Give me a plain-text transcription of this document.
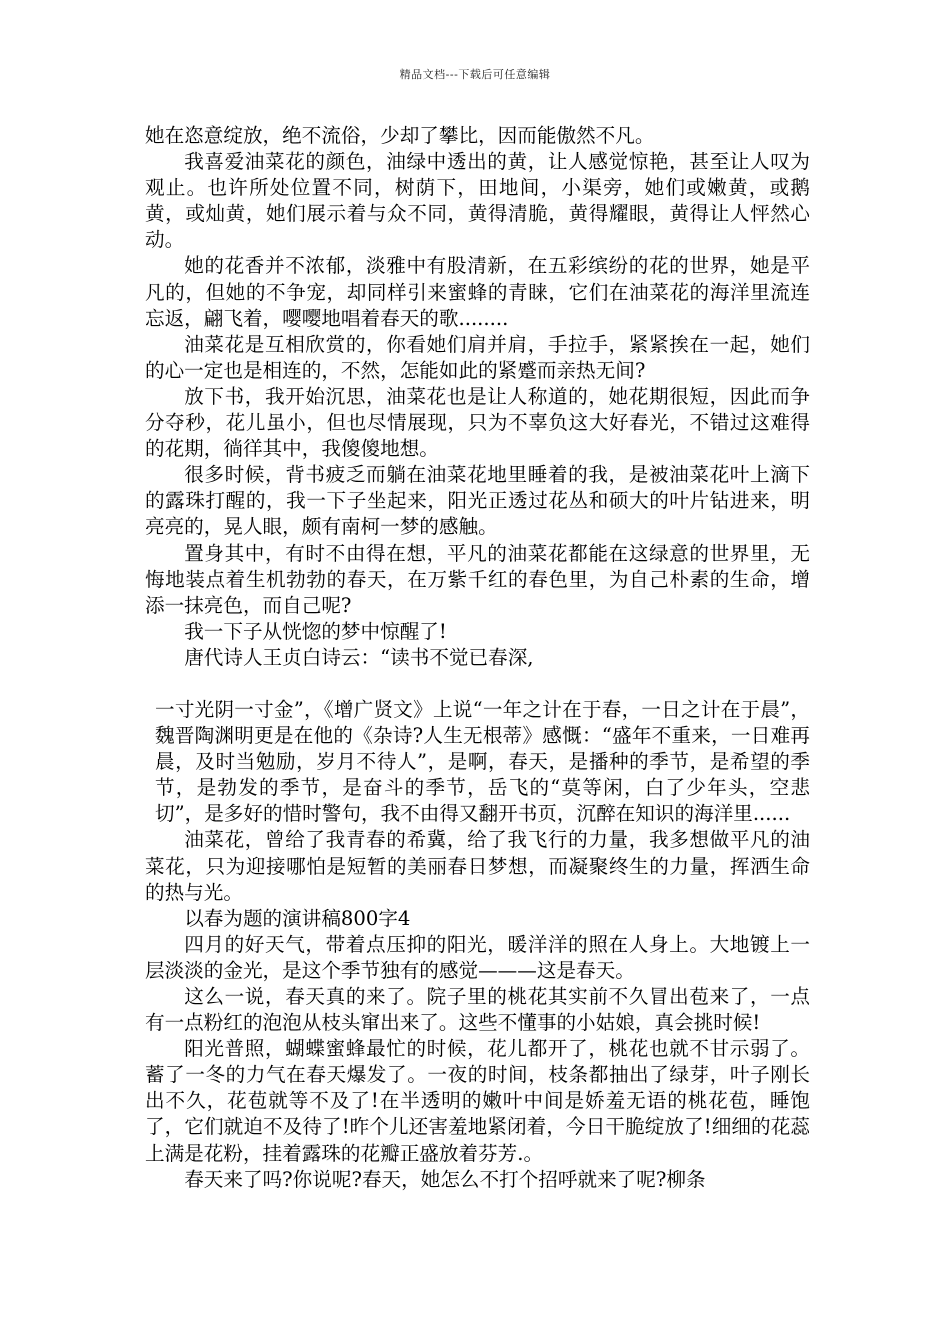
精品文档---下载后可任意编辑

她在恣意绽放，绝不流俗，少却了攀比，因而能傲然不凡。

我喜爱油菜花的颜色，油绿中透出的黄，让人感觉惊艳，甚至让人叹为观止。也许所处位置不同，树荫下，田地间，小渠旁，她们或嫩黄，或鹅黄，或灿黄，她们展示着与众不同，黄得清脆，黄得耀眼，黄得让人怦然心动。

她的花香并不浓郁，淡雅中有股清新，在五彩缤纷的花的世界，她是平凡的，但她的不争宠，却同样引来蜜蜂的青睐，它们在油菜花的海洋里流连忘返，翩飞着，嘤嘤地唱着春天的歌........

油菜花是互相欣赏的，你看她们肩并肩，手拉手，紧紧挨在一起，她们的心一定也是相连的，不然，怎能如此的紧蹙而亲热无间?

放下书，我开始沉思，油菜花也是让人称道的，她花期很短，因此而争分夺秒，花儿虽小，但也尽情展现，只为不辜负这大好春光，不错过这难得的花期，徜徉其中，我傻傻地想。

很多时候，背书疲乏而躺在油菜花地里睡着的我，是被油菜花叶上滴下的露珠打醒的，我一下子坐起来，阳光正透过花丛和硕大的叶片钻进来，明亮亮的，晃人眼，颇有南柯一梦的感触。

置身其中，有时不由得在想，平凡的油菜花都能在这绿意的世界里，无悔地装点着生机勃勃的春天，在万紫千红的春色里，为自己朴素的生命，增添一抹亮色，而自己呢?

我一下子从恍惚的梦中惊醒了!

唐代诗人王贞白诗云：“读书不觉已春深,

一寸光阴一寸金”，《增广贤文》上说“一年之计在于春，一日之计在于晨”，魏晋陶渊明更是在他的《杂诗?人生无根蒂》感慨：“盛年不重来，一日难再晨，及时当勉励，岁月不待人”，是啊，春天，是播种的季节，是希望的季节，是勃发的季节，是奋斗的季节，岳飞的“莫等闲，白了少年头，空悲切”，是多好的惜时警句，我不由得又翻开书页，沉醉在知识的海洋里......

油菜花，曾给了我青春的希冀，给了我飞行的力量，我多想做平凡的油菜花，只为迎接哪怕是短暂的美丽春日梦想，而凝聚终生的力量，挥洒生命的热与光。

以春为题的演讲稿800字4

四月的好天气，带着点压抑的阳光，暖洋洋的照在人身上。大地镀上一层淡淡的金光，是这个季节独有的感觉———这是春天。

这么一说，春天真的来了。院子里的桃花其实前不久冒出苞来了，一点有一点粉红的泡泡从枝头窜出来了。这些不懂事的小姑娘，真会挑时候!

阳光普照，蝴蝶蜜蜂最忙的时候，花儿都开了，桃花也就不甘示弱了。蓄了一冬的力气在春天爆发了。一夜的时间，枝条都抽出了绿芽，叶子刚长出不久，花苞就等不及了!在半透明的嫩叶中间是娇羞无语的桃花苞，睡饱了，它们就迫不及待了!昨个儿还害羞地紧闭着，今日干脆绽放了!细细的花蕊上满是花粉，挂着露珠的花瓣正盛放着芬芳.。

春天来了吗?你说呢?春天，她怎么不打个招呼就来了呢?柳条
